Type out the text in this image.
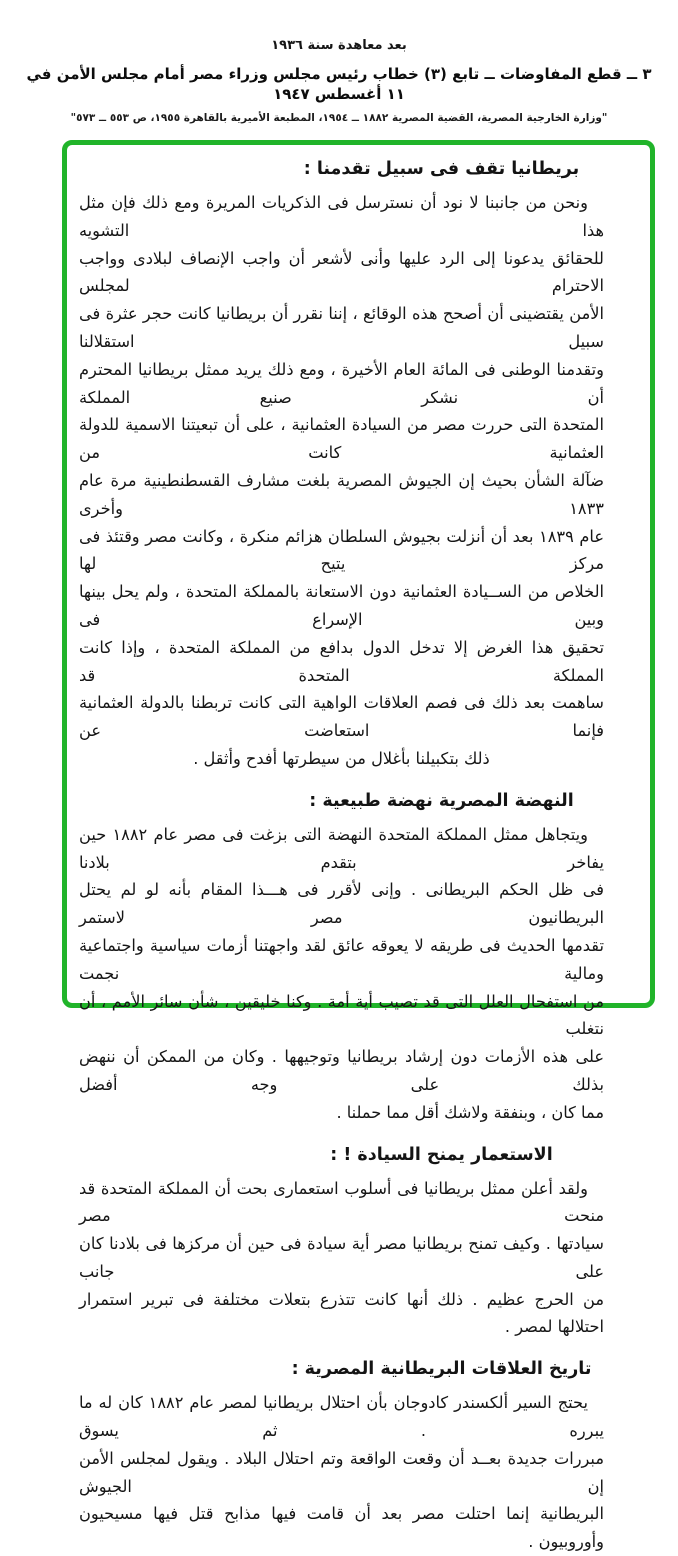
بعد معاهدة سنة ١٩٣٦
٣ ــ قطع المفاوضات ــ تابع (٣) خطاب رئيس مجلس وزراء مصر أمام مجلس الأمن في ١١ أغسطس ١٩٤٧
"وزارة الخارجية المصرية، القضية المصرية ١٨٨٢ ــ ١٩٥٤، المطبعة الأميرية بالقاهرة ١٩٥٥، ص ٥٥٣ ــ ٥٧٣"
بريطانيا تقف فى سبيل تقدمنا :
ونحن من جانبنا لا نود أن نسترسل فى الذكريات المريرة ومع ذلك فإن مثل هذا التشويه
للحقائق يدعونا إلى الرد عليها وأنى لأشعر أن واجب الإنصاف لبلادى وواجب الاحترام لمجلس
الأمن يقتضينى أن أصحح هذه الوقائع ، إننا نقرر أن بريطانيا كانت حجر عثرة فى سبيل استقلالنا
وتقدمنا الوطنى فى المائة العام الأخيرة ، ومع ذلك يريد ممثل بريطانيا المحترم أن نشكر صنيع المملكة
المتحدة التى حررت مصر من السيادة العثمانية ، على أن تبعيتنا الاسمية للدولة العثمانية كانت من
ضآلة الشأن بحيث إن الجيوش المصرية بلغت مشارف القسطنطينية مرة عام ١٨٣٣ وأخرى
عام ١٨٣٩ بعد أن أنزلت بجيوش السلطان هزائم منكرة ، وكانت مصر وقتئذ فى مركز يتيح لها
الخلاص من الســيادة العثمانية دون الاستعانة بالمملكة المتحدة ، ولم يحل بينها وبين الإسراع فى
تحقيق هذا الغرض إلا تدخل الدول بدافع من المملكة المتحدة ، وإذا كانت المملكة المتحدة قد
ساهمت بعد ذلك فى فصم العلاقات الواهية التى كانت تربطنا بالدولة العثمانية فإنما استعاضت عن
ذلك بتكبيلنا بأغلال من سيطرتها أفدح وأثقل .
النهضة المصرية نهضة طبيعية :
ويتجاهل ممثل المملكة المتحدة النهضة التى بزغت فى مصر عام ١٨٨٢ حين يفاخر بتقدم بلادنا
فى ظل الحكم البريطانى . وإنى لأقرر فى هـــذا المقام بأنه لو لم يحتل البريطانيون مصر لاستمر
تقدمها الحديث فى طريقه لا يعوقه عائق لقد واجهتنا أزمات سياسية واجتماعية ومالية نجمت
من استفحال العلل التى قد تصيب أية أمة . وكنا خليقين ، شأن سائر الأمم ، أن نتغلب
على هذه الأزمات دون إرشاد بريطانيا وتوجيهها . وكان من الممكن أن ننهض بذلك على وجه أفضل
مما كان ، وبنفقة ولاشك أقل مما حملنا .
الاستعمار يمنح السيادة ! :
ولقد أعلن ممثل بريطانيا فى أسلوب استعمارى بحت أن المملكة المتحدة قد منحت مصر
سيادتها . وكيف تمنح بريطانيا مصر أية سيادة فى حين أن مركزها فى بلادنا كان على جانب
من الحرج عظيم . ذلك أنها كانت تتذرع بتعلات مختلفة فى تبرير استمرار احتلالها لمصر .
تاريخ العلاقات البريطانية المصرية :
يحتج السير ألكسندر كادوجان بأن احتلال بريطانيا لمصر عام ١٨٨٢ كان له ما يبرره . ثم يسوق
مبررات جديدة بعــد أن وقعت الواقعة وتم احتلال البلاد . ويقول لمجلس الأمن إن الجيوش
البريطانية إنما احتلت مصر بعد أن قامت فيها مذابح قتل فيها مسيحيون وأوروبيون .
